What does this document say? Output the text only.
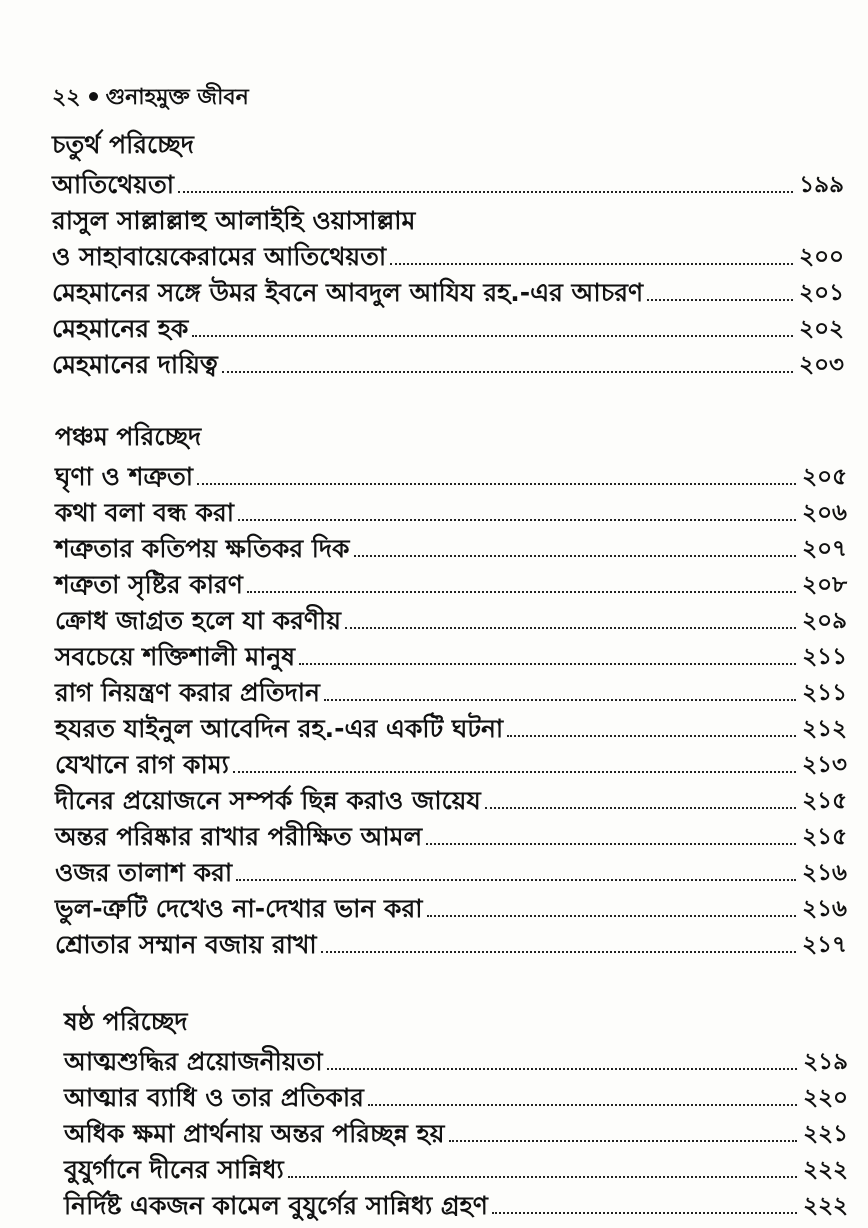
২২ গুনাহমুক্ত জীবন
চতুর্থ পরিচ্ছেদ
আতিথেয়তা	১৯৯
রাসুল সাল্লাল্লাহু আলাইহি ওয়াসাল্লাম
ও সাহাবায়েকেরামের আতিথেয়তা	২০০
মেহমানের সঙ্গে উমর ইবনে আবদুল আযিয রহ.-এর আচরণ	২০১
মেহমানের হক	২০২
মেহমানের দায়িত্ব	২০৩
পঞ্চম পরিচ্ছেদ
ঘৃণা ও শত্রুতা	২০৫
কথা বলা বন্ধ করা	২০৬
শত্রুতার কতিপয় ক্ষতিকর দিক	২০৭
শত্রুতা সৃষ্টির কারণ	২০৮
ক্রোধ জাগ্রত হলে যা করণীয়	২০৯
সবচেয়ে শক্তিশালী মানুষ	২১১
রাগ নিয়ন্ত্রণ করার প্রতিদান	২১১
হযরত যাইনুল আবেদিন রহ.-এর একটি ঘটনা	২১২
যেখানে রাগ কাম্য	২১৩
দীনের প্রয়োজনে সম্পর্ক ছিন্ন করাও জায়েয	২১৫
অন্তর পরিষ্কার রাখার পরীক্ষিত আমল	২১৫
ওজর তালাশ করা	২১৬
ভুল-ত্রুটি দেখেও না-দেখার ভান করা	২১৬
শ্রোতার সম্মান বজায় রাখা	২১৭
ষষ্ঠ পরিচ্ছেদ
আত্মশুদ্ধির প্রয়োজনীয়তা	২১৯
আত্মার ব্যাধি ও তার প্রতিকার	২২০
অধিক ক্ষমা প্রার্থনায় অন্তর পরিচ্ছন্ন হয়	২২১
বুযুর্গানে দীনের সান্নিধ্য	২২২
নির্দিষ্ট একজন কামেল বুযুর্গের সান্নিধ্য গ্রহণ	২২২
